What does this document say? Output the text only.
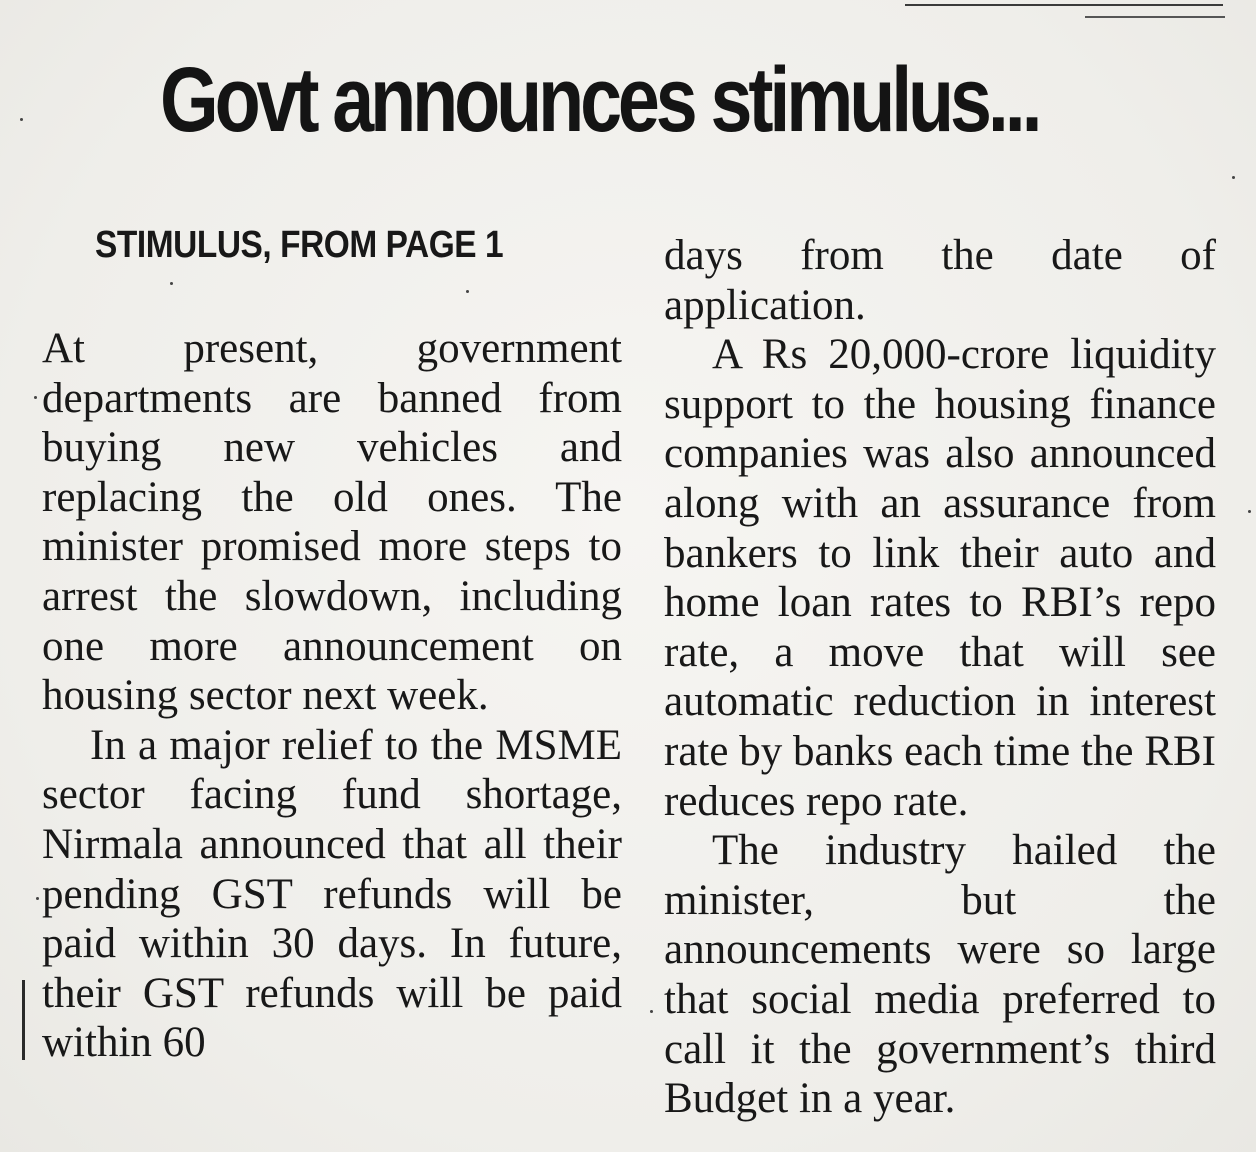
Govt announces stimulus...
STIMULUS, FROM PAGE 1

At present, government departments are banned from buying new vehicles and replacing the old ones. The minister promised more steps to arrest the slowdown, including one more announcement on housing sector next week.

In a major relief to the MSME sector facing fund shortage, Nirmala announced that all their pending GST refunds will be paid within 30 days. In future, their GST refunds will be paid within 60

days from the date of application.

A Rs 20,000-crore liquidity support to the housing finance companies was also announced along with an assurance from bankers to link their auto and home loan rates to RBI’s repo rate, a move that will see automatic reduction in interest rate by banks each time the RBI reduces repo rate.

The industry hailed the minister, but the announcements were so large that social media preferred to call it the government’s third Budget in a year.
